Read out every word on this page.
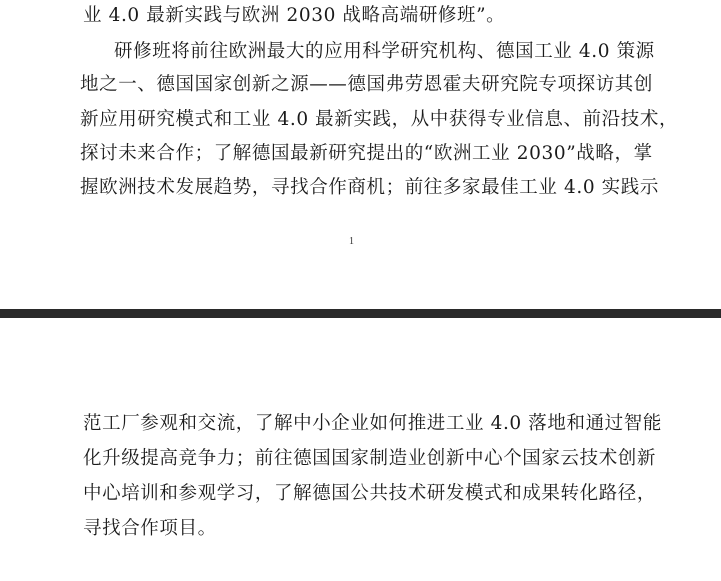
业 4.0 最新实践与欧洲 2030 战略高端研修班”。
研修班将前往欧洲最大的应用科学研究机构、德国工业 4.0 策源
地之一、德国国家创新之源——德国弗劳恩霍夫研究院专项探访其创
新应用研究模式和工业 4.0 最新实践，从中获得专业信息、前沿技术，
探讨未来合作；了解德国最新研究提出的“欧洲工业 2030”战略，掌
握欧洲技术发展趋势，寻找合作商机；前往多家最佳工业 4.0 实践示
1
范工厂参观和交流，了解中小企业如何推进工业 4.0 落地和通过智能
化升级提高竞争力；前往德国国家制造业创新中心个国家云技术创新
中心培训和参观学习，了解德国公共技术研发模式和成果转化路径，
寻找合作项目。
